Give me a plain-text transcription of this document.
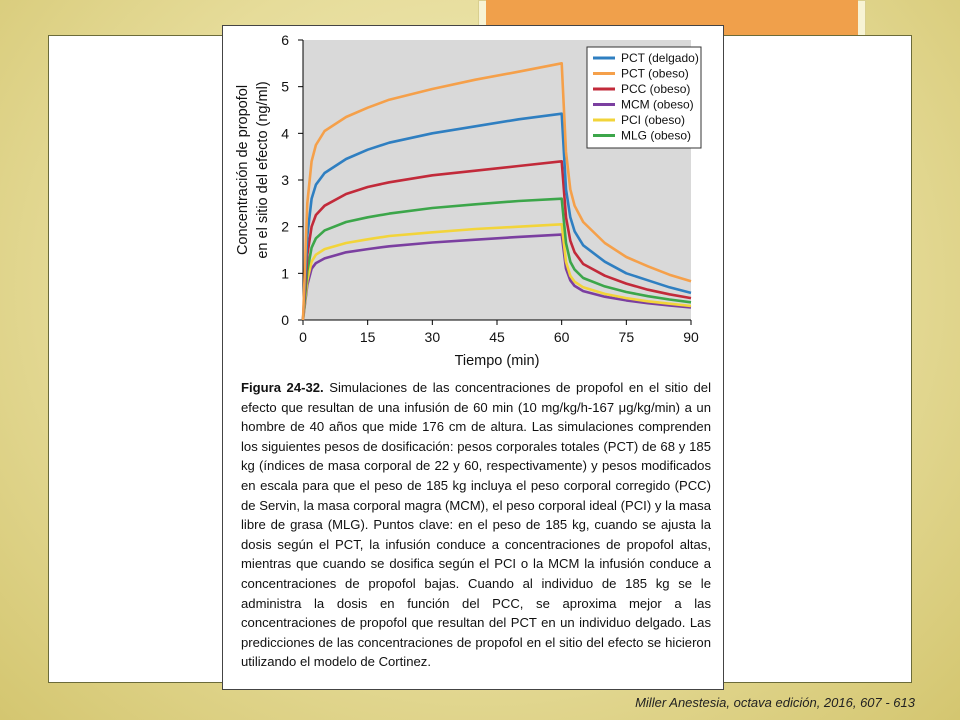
0
1
2
3
4
5
6
0	15	30	45	60	75	90
Tiempo (min)
Concentración de propofol en el sitio del efecto (ng/ml)
PCT (delgado)
PCT (obeso)
PCC (obeso)
MCM (obeso)
PCI (obeso)
MLG (obeso)
Figura 24-32. Simulaciones de las concentraciones de propofol en el sitio del efecto que resultan de una infusión de 60 min (10 mg/kg/h-167 μg/kg/min) a un hombre de 40 años que mide 176 cm de altura. Las simulaciones comprenden los siguientes pesos de dosificación: pesos corporales totales (PCT) de 68 y 185 kg (índices de masa corporal de 22 y 60, respectivamente) y pesos modificados en escala para que el peso de 185 kg incluya el peso corporal corregido (PCC) de Servin, la masa corporal magra (MCM), el peso corporal ideal (PCI) y la masa libre de grasa (MLG). Puntos clave: en el peso de 185 kg, cuando se ajusta la dosis según el PCT, la infusión conduce a concentraciones de propofol altas, mientras que cuando se dosifica según el PCI o la MCM la infusión conduce a concentraciones de propofol bajas. Cuando al individuo de 185 kg se le administra la dosis en función del PCC, se aproxima mejor a las concentraciones de propofol que resultan del PCT en un individuo delgado. Las predicciones de las concentraciones de propofol en el sitio del efecto se hicieron utilizando el modelo de Cortinez.
Miller Anestesia, octava edición, 2016, 607 - 613
